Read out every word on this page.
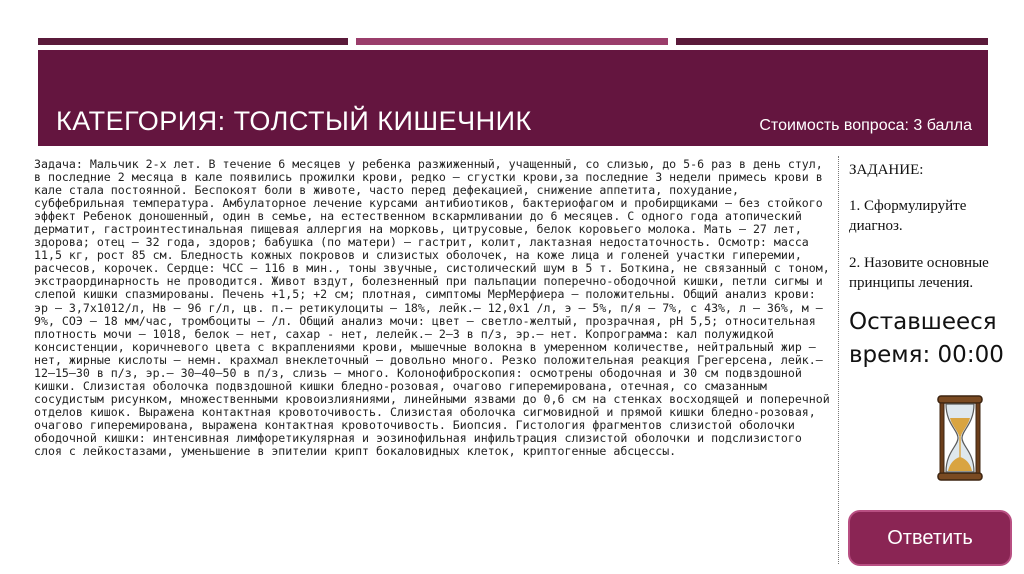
КАТЕГОРИЯ: ТОЛСТЫЙ КИШЕЧНИК	Стоимость вопроса: 3 балла
Задача: Мальчик 2-х лет. В течение 6 месяцев у ребенка разжиженный, учащенный, со слизью, до 5-6 раз в день стул, в последние 2 месяца в кале появились прожилки крови, редко — сгустки крови,за последние 3 недели примесь крови в кале стала постоянной. Беспокоят боли в животе, часто перед дефекацией, снижение аппетита, похудание, субфебрильная температура. Амбулаторное лечение курсами антибиотиков, бактериофагом и пробирщиками — без стойкого эффект Ребенок доношенный, один в семье, на естественном вскармливании до 6 месяцев. С одного года атопический дерматит, гастроинтестинальная пищевая аллергия на морковь, цитрусовые, белок коровьего молока. Мать — 27 лет, здорова; отец — 32 года, здоров; бабушка (по матери) — гастрит, колит, лактазная недостаточность. Осмотр: масса 11,5 кг, рост 85 см. Бледность кожных покровов и слизистых оболочек, на коже лица и голеней участки гиперемии, расчесов, корочек. Сердце: ЧСС — 116 в мин., тоны звучные, систолический шум в 5 т. Боткина, не связанный с тоном, экстраординарность не проводится. Живот вздут, болезненный при пальпации поперечно-ободочной кишки, петли сигмы и слепой кишки спазмированы. Печень +1,5; +2 см; плотная, симптомы МерМерфиера — положительны. Общий анализ крови: эр — 3,7х1012/л, Нв — 96 г/л, цв. п.— ретикулоциты — 18%, лейк.— 12,0х1 /л, э — 5%, п/я — 7%, с 43%, л — 36%, м — 9%, СОЭ — 18 мм/час, тромбоциты — /л. Общий анализ мочи: цвет — светло-желтый, прозрачная, рН 5,5; относительная плотность мочи — 1018, белок — нет, сахар - нет, лелейк.— 2–3 в п/з, эр.— нет. Копрограмма: кал полужидкой консистенции, коричневого цвета с вкраплениями крови, мышечные волокна в умеренном количестве, нейтральный жир — нет, жирные кислоты — немн. крахмал внеклеточный — довольно много. Резко положительная реакция Грегерсена, лейк.— 12–15–30 в п/з, эр.— 30–40–50 в п/з, слизь — много. Колонофиброскопия: осмотрены ободочная и 30 см подвздошной кишки. Слизистая оболочка подвздошной кишки бледно-розовая, очагово гиперемирована, отечная, со смазанным сосудистым рисунком, множественными кровоизлияниями, линейными язвами до 0,6 см на стенках восходящей и поперечной отделов кишок. Выражена контактная кровоточивость. Слизистая оболочка сигмовидной и прямой кишки бледно-розовая, очагово гиперемирована, выражена контактная кровоточивость. Биопсия. Гистология фрагментов слизистой оболочки ободочной кишки: интенсивная лимфоретикулярная и эозинофильная инфильтрация слизистой оболочки и подслизистого слоя с лейкостазами, уменьшение в эпителии крипт бокаловидных клеток, криптогенные абсцессы.
ЗАДАНИЕ:
1. Сформулируйте диагноз.
2. Назовите основные принципы лечения.
Оставшееся время: 00:00
Ответить
